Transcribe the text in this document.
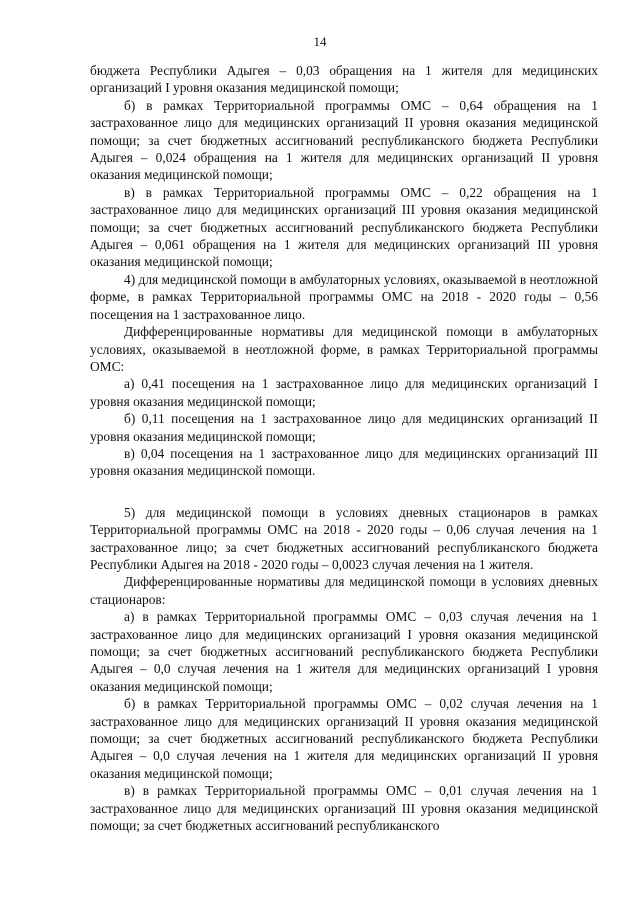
14

бюджета Республики Адыгея – 0,03 обращения на 1 жителя для медицинских организаций I уровня оказания медицинской помощи;

б) в рамках Территориальной программы ОМС – 0,64 обращения на 1 застрахованное лицо для медицинских организаций II уровня оказания медицинской помощи; за счет бюджетных ассигнований республиканского бюджета Республики Адыгея – 0,024 обращения на 1 жителя для медицинских организаций II уровня оказания медицинской помощи;

в) в рамках Территориальной программы ОМС – 0,22 обращения на 1 застрахованное лицо для медицинских организаций III уровня оказания медицинской помощи; за счет бюджетных ассигнований республиканского бюджета Республики Адыгея – 0,061 обращения на 1 жителя для медицинских организаций III уровня оказания медицинской помощи;

4) для медицинской помощи в амбулаторных условиях, оказываемой в неотложной форме, в рамках Территориальной программы ОМС на 2018 - 2020 годы – 0,56 посещения на 1 застрахованное лицо.

Дифференцированные нормативы для медицинской помощи в амбулаторных условиях, оказываемой в неотложной форме, в рамках Территориальной программы ОМС:

а) 0,41 посещения на 1 застрахованное лицо для медицинских организаций I уровня оказания медицинской помощи;

б) 0,11 посещения на 1 застрахованное лицо для медицинских организаций II уровня оказания медицинской помощи;

в) 0,04 посещения на 1 застрахованное лицо для медицинских организаций III уровня оказания медицинской помощи.

5) для медицинской помощи в условиях дневных стационаров в рамках Территориальной программы ОМС на 2018 - 2020 годы – 0,06 случая лечения на 1 застрахованное лицо; за счет бюджетных ассигнований республиканского бюджета Республики Адыгея на 2018 - 2020 годы – 0,0023 случая лечения на 1 жителя.

Дифференцированные нормативы для медицинской помощи в условиях дневных стационаров:

а) в рамках Территориальной программы ОМС – 0,03 случая лечения на 1 застрахованное лицо для медицинских организаций I уровня оказания медицинской помощи; за счет бюджетных ассигнований республиканского бюджета Республики Адыгея – 0,0 случая лечения на 1 жителя для медицинских организаций I уровня оказания медицинской помощи;

б) в рамках Территориальной программы ОМС – 0,02 случая лечения на 1 застрахованное лицо для медицинских организаций II уровня оказания медицинской помощи; за счет бюджетных ассигнований республиканского бюджета Республики Адыгея – 0,0 случая лечения на 1 жителя для медицинских организаций II уровня оказания медицинской помощи;

в) в рамках Территориальной программы ОМС – 0,01 случая лечения на 1 застрахованное лицо для медицинских организаций III уровня оказания медицинской помощи; за счет бюджетных ассигнований республиканского
